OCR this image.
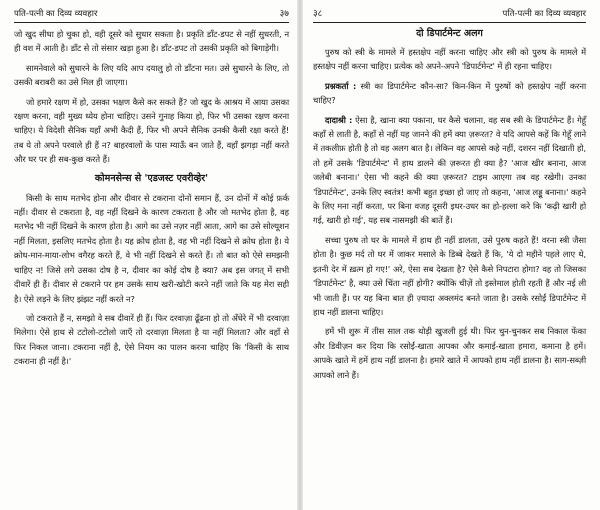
पति-पत्नी का दिव्य व्यवहार	३७

जो खुद सीधा हो चुका हो, वही दूसरे को सुधार सकता है। प्रकृति डाँट-डपट से नहीं सुधरती, न ही वश में आती है। डाँट से तो संसार खड़ा हुआ है। डाँट-डपट तो उसकी प्रकृति को बिगाड़ेगी।

सामनेवाले को सुधारने के लिए यदि आप दयालु हो तो डाँटना मत। उसे सुधारने के लिए, तो उसकी बराबरी का उसे मिल ही जाएगा।

जो हमारे रक्षण में हो, उसका भक्षण कैसे कर सकते हैं? जो खुद के आश्रय में आया उसका रक्षण करना, वही मुख्य ध्येय होना चाहिए। उसने गुनाह किया हो, फिर भी उसका रक्षण करना चाहिए। ये विदेशी सैनिक यहाँ अभी कैदी हैं, फिर भी अपने सैनिक उनकी कैसी रक्षा करते हैं! तब ये तो अपने परवाले ही हैं न? बाहरवालों के पास म्याऊँ बन जाते हैं, वहाँ झगड़ा नहीं करते और घर पर ही सब-कुछ करते हैं।

कोमनसेन्स से 'एडजस्ट एवरीव्हेर'

किसी के साथ मतभेद होना और दीवार से टकराना दोनों समान हैं, उन दोनों में कोई फ़र्क नहीं। दीवार से टकराता है, वह नहीं दिखने के कारण टकराता है और जो मतभेद होता है, वह मतभेद भी नहीं दिखने के कारण होता है। आगे का उसे नज़र नहीं आता, आगे का उसे सोल्यूशन नहीं मिलता, इसलिए मतभेद होता है। यह क्रोध होता है, वह भी नहीं दिखने से क्रोध होता है। ये क्रोध-मान-माया-लोभ वगैरह करते हैं, वे भी नहीं दिखने से करते हैं। तो बात को ऐसे समझनी चाहिए न! जिसे लगे उसका दोष है न, दीवार का कोई दोष है क्या? अब इस जगत् में सभी दीवारें ही हैं। दीवार से टकराने पर हम उसके साथ खरी-खोटी करने नहीं जाते कि यह मेरा सही है। ऐसे लड़ने के लिए झंझट नहीं करते न?

जो टकराते हैं न, समझो वे सब दीवारें ही हैं। फिर दरवाज़ा ढूँढना हो तो अँधेरे में भी दरवाज़ा मिलेगा। ऐसे हाथ से टटोलो-टटोलो जाएँ तो दरवाज़ा मिलता है या नहीं मिलता? और वहाँ से फिर निकल जाना। टकराना नहीं है, ऐसे नियम का पालन करना चाहिए कि 'किसी के साथ टकराना ही नहीं है।'

३८	पति-पत्नी का दिव्य व्यवहार
दो डिपार्टमेन्ट अलग

पुरुष को स्त्री के मामले में हस्तक्षेप नहीं करना चाहिए और स्त्री को पुरुष के मामले में हस्तक्षेप नहीं करना चाहिए। प्रत्येक को अपने-अपने 'डिपार्टमेन्ट' में ही रहना चाहिए।

प्रश्नकर्ता : स्त्री का डिपार्टमेन्ट कौन-सा? किन-किन में पुरुषों को हस्तक्षेप नहीं करना चाहिए?

दादाश्री : ऐसा है, खाना क्या पकाना, घर कैसे चलाना, वह सब स्त्री के डिपार्टमेन्ट हैं। गेहूँ कहाँ से लाती है, कहाँ से नहीं यह जानने की हमें क्या ज़रूरत? वे यदि आपसे कहें कि गेहूँ लाने में तकलीफ़ होती है तो वह अलग बात है। लेकिन वह आपसे कहे नहीं, दशरन नहीं दिखाती हो, तो हमें उसके 'डिपार्टमेन्ट' में हाथ डालने की ज़रूरत ही क्या है? 'आज खीर बनाना, आज जलेबी बनाना।' ऐसा भी कहने की क्या ज़रूरत? टाइम आएगा तब वह रखेगी। उनका 'डिपार्टमेन्ट', उनके लिए स्वतंत्र! कभी बहुत इच्छा हो जाए तो कहना, 'आज लड्डू बनाना।' कहने के लिए मना नहीं करता, पर बिना वजह दूसरी इधर-उधर का हो-हल्ला करे कि 'कढ़ी खारी हो गई, खारी हो गई', यह सब नासमझी की बातें हैं।

सच्चा पुरुष तो घर के मामले में हाथ ही नहीं डालता, उसे पुरुष कहते हैं! वरना स्त्री जैसा होता है। कुछ मर्द तो घर में जाकर मसाले के डिब्बे देखते हैं कि, 'ये दो महीने पहले लाए थे, इतनी देर में ख़त्म हो गए!' अरे, ऐसा सब देखता है? ऐसे कैसे निपटारा होगा? वह तो जिसका 'डिपार्टमेन्ट' है, क्या उसे चिंता नहीं होगी? क्योंकि चीज़ें तो इस्तेमाल होती रहती हैं और नई ली भी जाती हैं। पर यह बिना बात ही ज़्यादा अक्लमंद बनते जाता है। उसके रसोईं डिपार्टमेन्ट में हाथ नहीं डालना चाहिए।

हमें भी शुरू में तीस साल तक थोड़ी खुजली हुई थी। फिर चुन-चुनकर सब निकाल फेंका और डिवीज़न कर दिया कि रसोईं-खाता आपका और कमाई-खाता हमारा, कमाना है हमें। आपके खाते में हमें हाथ नहीं डालना है। हमारे खाते में आपको हाथ नहीं डालना है। साग-सब्ज़ी आपको लाने हैं।
